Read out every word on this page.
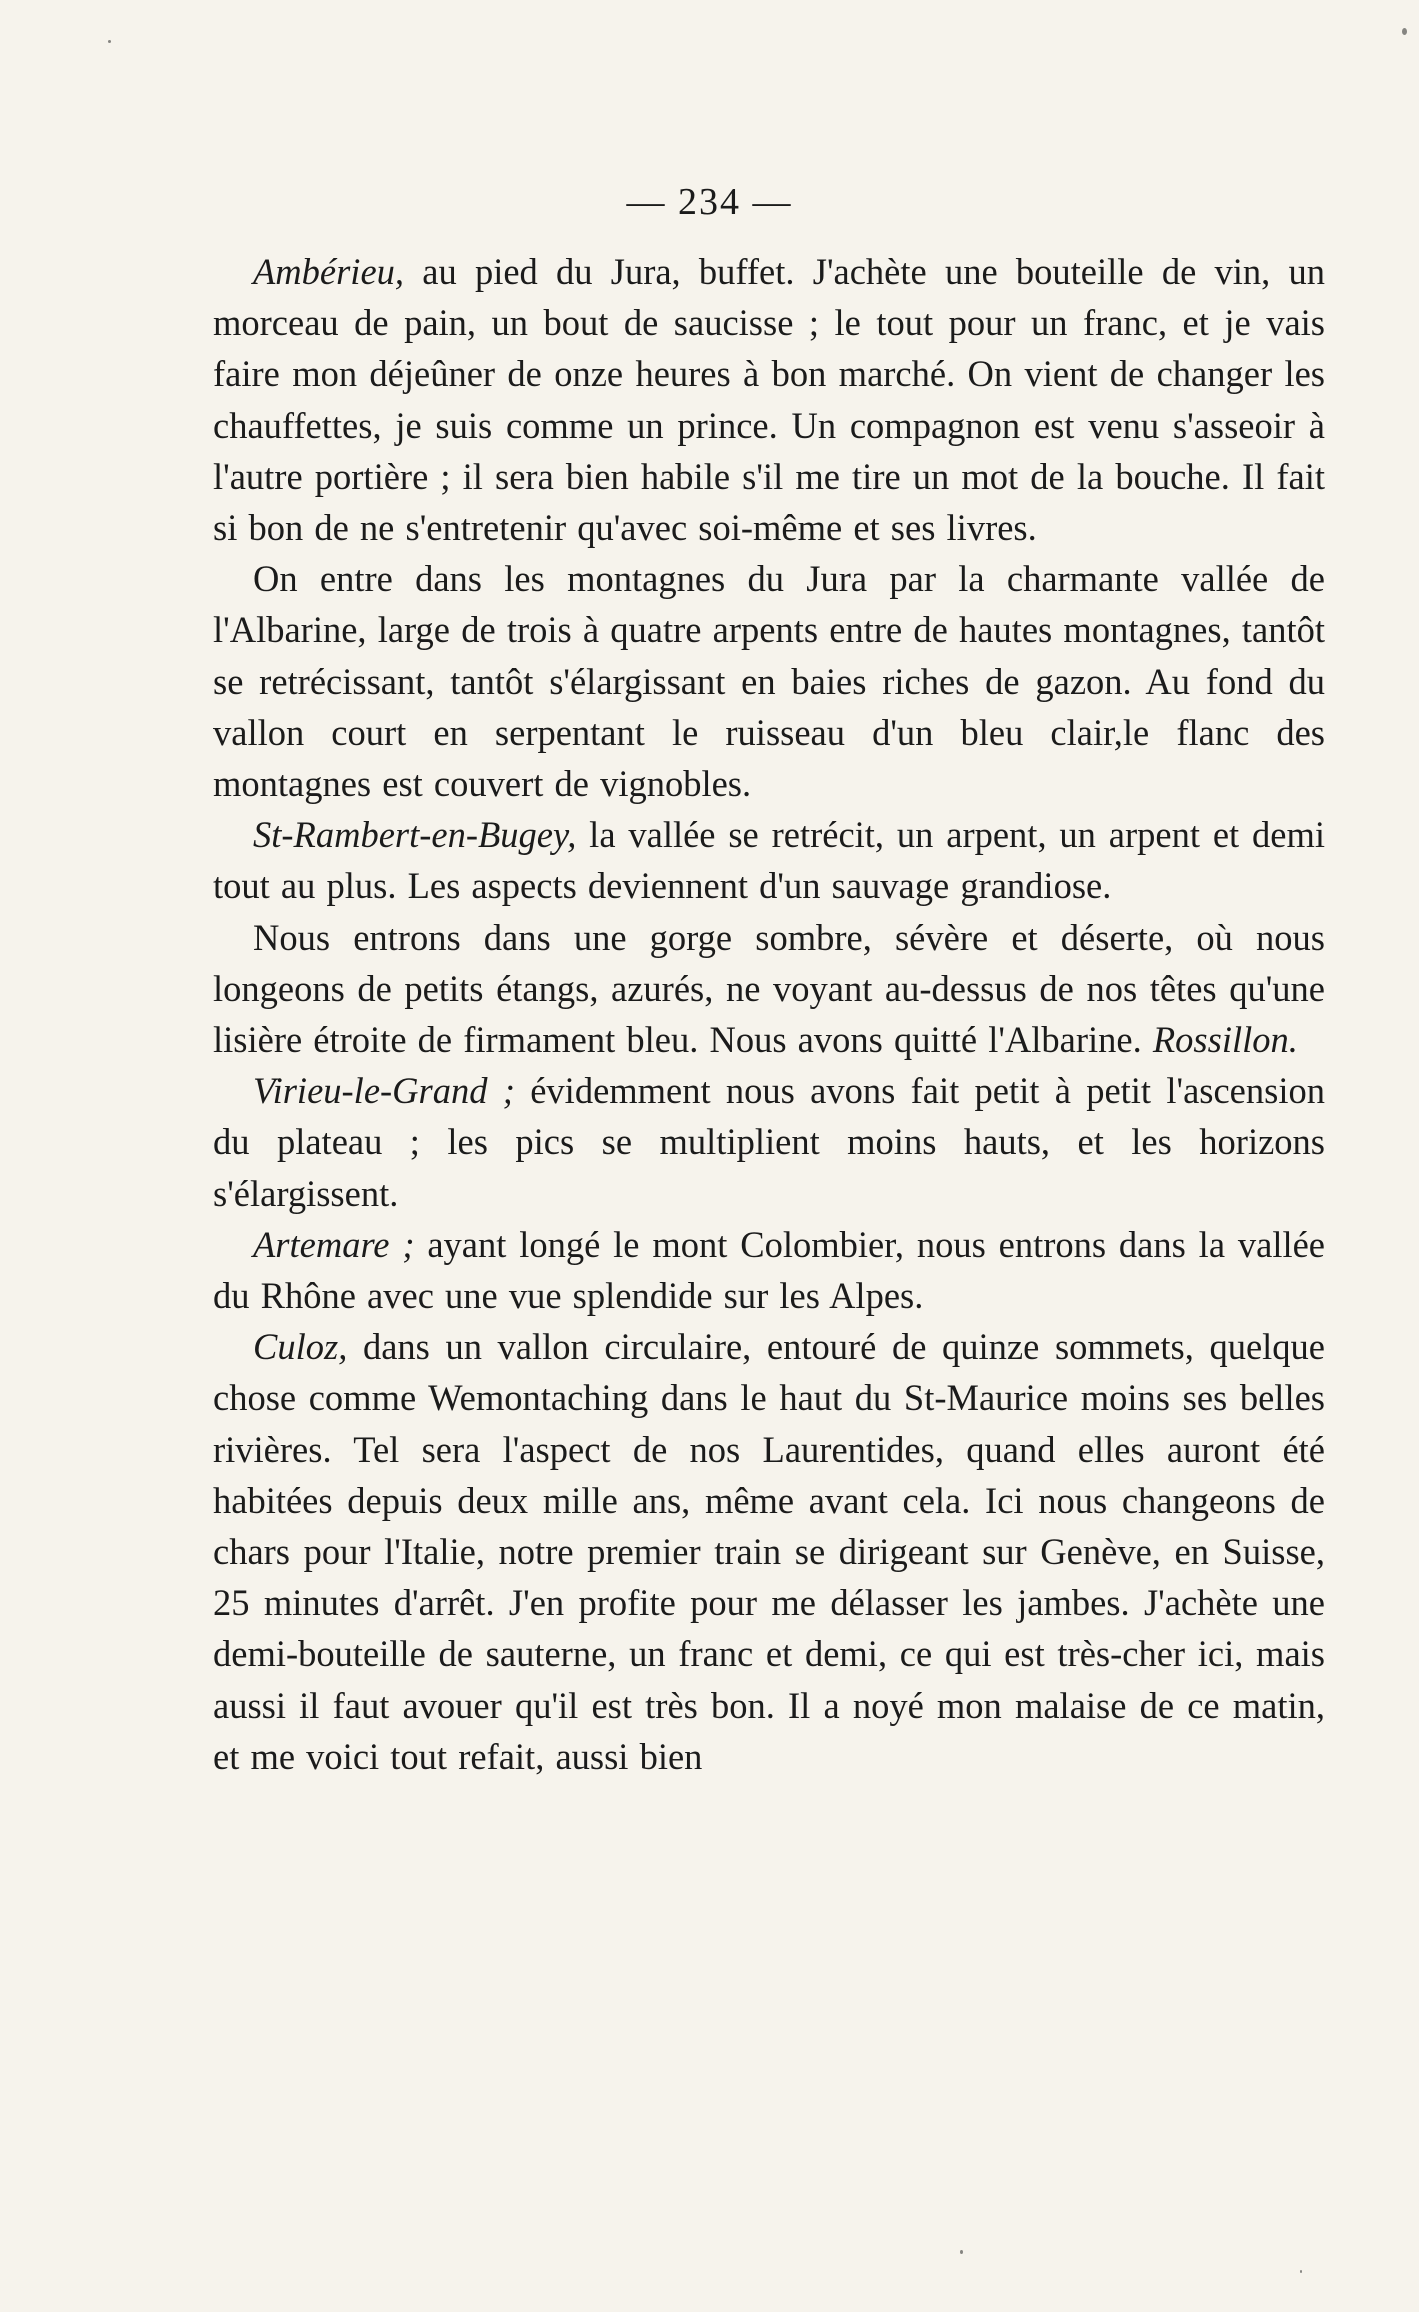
— 234 —

Ambérieu, au pied du Jura, buffet. J'achète une bouteille de vin, un morceau de pain, un bout de saucisse ; le tout pour un franc, et je vais faire mon déjeûner de onze heures à bon marché. On vient de changer les chauffettes, je suis comme un prince. Un compagnon est venu s'asseoir à l'autre portière ; il sera bien habile s'il me tire un mot de la bouche. Il fait si bon de ne s'entretenir qu'avec soi-même et ses livres.

On entre dans les montagnes du Jura par la charmante vallée de l'Albarine, large de trois à quatre arpents entre de hautes montagnes, tantôt se retrécissant, tantôt s'élargissant en baies riches de gazon. Au fond du vallon court en serpentant le ruisseau d'un bleu clair,le flanc des montagnes est couvert de vignobles.

St-Rambert-en-Bugey, la vallée se retrécit, un arpent, un arpent et demi tout au plus. Les aspects deviennent d'un sauvage grandiose.

Nous entrons dans une gorge sombre, sévère et déserte, où nous longeons de petits étangs, azurés, ne voyant au-dessus de nos têtes qu'une lisière étroite de firmament bleu. Nous avons quitté l'Albarine. Rossillon.

Virieu-le-Grand ; évidemment nous avons fait petit à petit l'ascension du plateau ; les pics se multiplient moins hauts, et les horizons s'élargissent.

Artemare ; ayant longé le mont Colombier, nous entrons dans la vallée du Rhône avec une vue splendide sur les Alpes.

Culoz, dans un vallon circulaire, entouré de quinze sommets, quelque chose comme Wemontaching dans le haut du St-Maurice moins ses belles rivières. Tel sera l'aspect de nos Laurentides, quand elles auront été habitées depuis deux mille ans, même avant cela. Ici nous changeons de chars pour l'Italie, notre premier train se dirigeant sur Genève, en Suisse, 25 minutes d'arrêt. J'en profite pour me délasser les jambes. J'achète une demi-bouteille de sauterne, un franc et demi, ce qui est très-cher ici, mais aussi il faut avouer qu'il est très bon. Il a noyé mon malaise de ce matin, et me voici tout refait, aussi bien
